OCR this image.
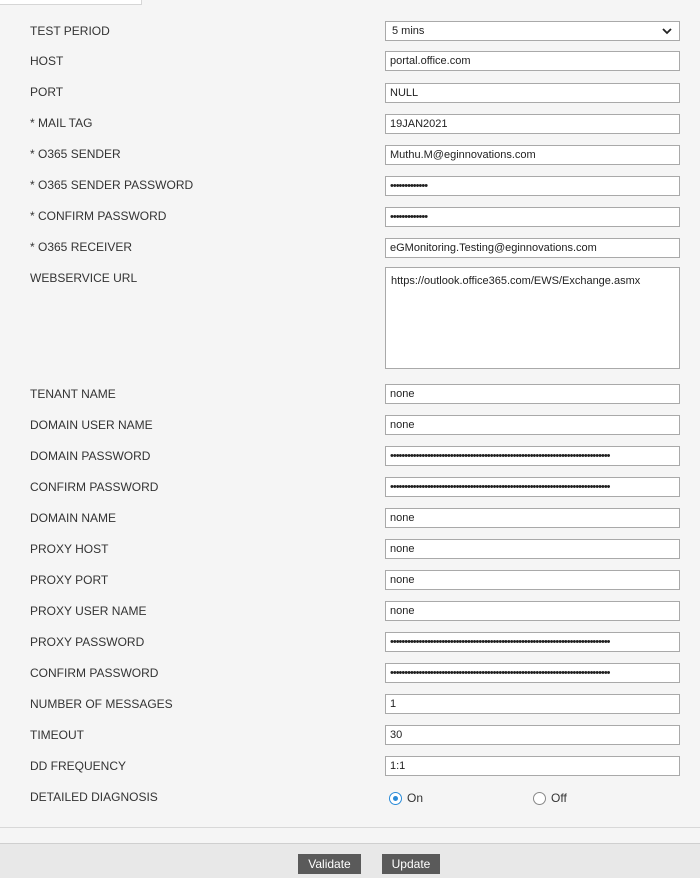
TEST PERIOD	5 mins
HOST	portal.office.com
PORT	NULL
* MAIL TAG	19JAN2021
* O365 SENDER	Muthu.M@eginnovations.com
* O365 SENDER PASSWORD	•••••••••••••
* CONFIRM PASSWORD	•••••••••••••
* O365 RECEIVER	eGMonitoring.Testing@eginnovations.com
WEBSERVICE URL	https://outlook.office365.com/EWS/Exchange.asmx
TENANT NAME	none
DOMAIN USER NAME	none
DOMAIN PASSWORD	•••••••••••••••••••••••••••••••••••••••••••••••••••••••••••••••••••••••••••••
CONFIRM PASSWORD	•••••••••••••••••••••••••••••••••••••••••••••••••••••••••••••••••••••••••••••
DOMAIN NAME	none
PROXY HOST	none
PROXY PORT	none
PROXY USER NAME	none
PROXY PASSWORD	•••••••••••••••••••••••••••••••••••••••••••••••••••••••••••••••••••••••••••••
CONFIRM PASSWORD	•••••••••••••••••••••••••••••••••••••••••••••••••••••••••••••••••••••••••••••
NUMBER OF MESSAGES	1
TIMEOUT	30
DD FREQUENCY	1:1
DETAILED DIAGNOSIS	On	Off
Validate	Update
